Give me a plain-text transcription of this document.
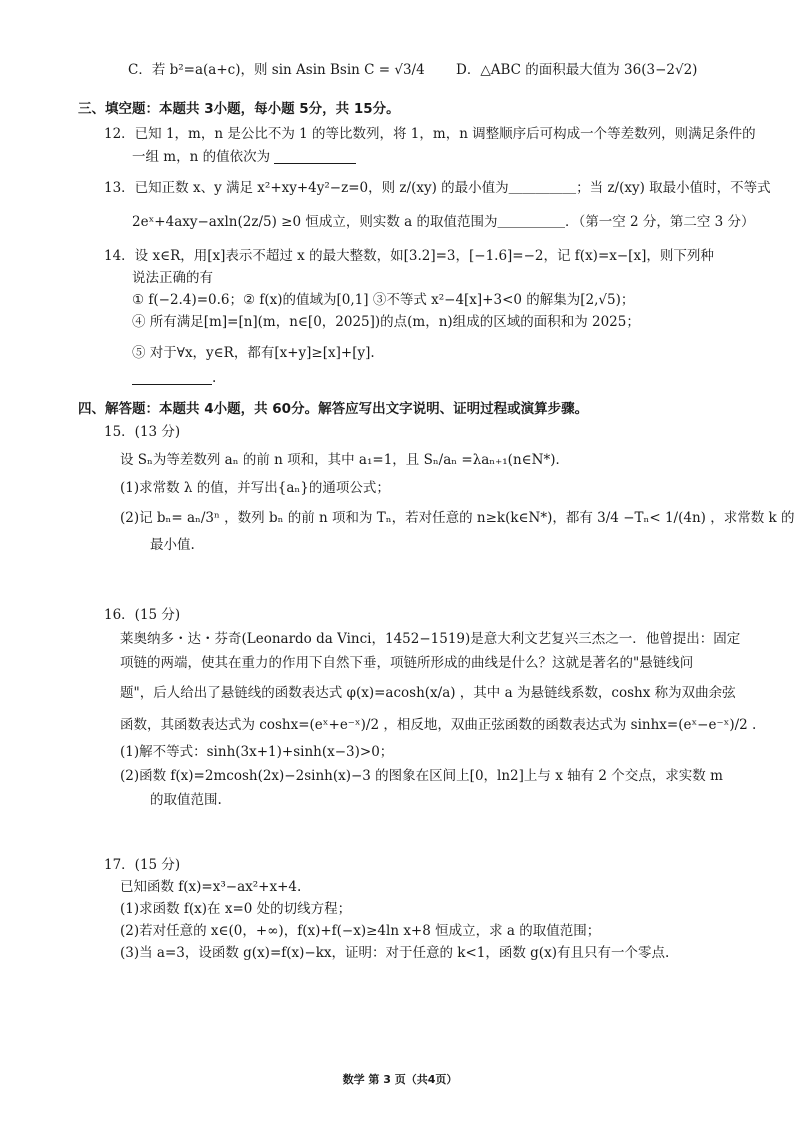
C．若 b²=a(a+c)，则 sin Asin Bsin C = √3/4 D．△ABC 的面积最大值为 36(3−2√2)
三、填空题：本题共 3小题，每小题 5分，共 15分。
12．已知 1，m，n 是公比不为 1 的等比数列，将 1，m，n 调整顺序后可构成一个等差数列，则满足条件的
一组 m，n 的值依次为
13．已知正数 x、y 满足 x²+xy+4y²−z=0，则 z/(xy) 的最小值为＿＿＿＿＿；当 z/(xy) 取最小值时，不等式
2eˣ+4axy−axln(2z/5) ≥0 恒成立，则实数 a 的取值范围为＿＿＿＿＿．（第一空 2 分，第二空 3 分）
14．设 x∈R，用[x]表示不超过 x 的最大整数，如[3.2]=3，[−1.6]=−2，记 f(x)=x−[x]，则下列种
说法正确的有
① f(−2.4)=0.6；② f(x)的值域为[0,1] ③不等式 x²−4[x]+3<0 的解集为[2,√5)；
④ 所有满足[m]=[n](m，n∈[0，2025])的点(m，n)组成的区域的面积和为 2025；
⑤ 对于∀x，y∈R，都有[x+y]≥[x]+[y].
.
四、解答题：本题共 4小题，共 60分。解答应写出文字说明、证明过程或演算步骤。
15．(13 分)
设 Sₙ为等差数列 aₙ 的前 n 项和，其中 a₁=1，且 Sₙ/aₙ =λaₙ₊₁(n∈N*)．
(1)求常数 λ 的值，并写出{aₙ}的通项公式；
(2)记 bₙ= aₙ/3ⁿ ，数列 bₙ 的前 n 项和为 Tₙ，若对任意的 n≥k(k∈N*)，都有 3/4 −Tₙ< 1/(4n) ，求常数 k 的
最小值.
16．(15 分)
莱奥纳多・达・芬奇(Leonardo da Vinci，1452−1519)是意大利文艺复兴三杰之一．他曾提出：固定
项链的两端，使其在重力的作用下自然下垂，项链所形成的曲线是什么？这就是著名的"悬链线问
题"，后人给出了悬链线的函数表达式 φ(x)=acosh(x/a) ，其中 a 为悬链线系数，coshx 称为双曲余弦
函数，其函数表达式为 coshx=(eˣ+e⁻ˣ)/2 ，相反地，双曲正弦函数的函数表达式为 sinhx=(eˣ−e⁻ˣ)/2 .
(1)解不等式：sinh(3x+1)+sinh(x−3)>0；
(2)函数 f(x)=2mcosh(2x)−2sinh(x)−3 的图象在区间上[0，ln2]上与 x 轴有 2 个交点，求实数 m
的取值范围.
17．(15 分)
已知函数 f(x)=x³−ax²+x+4.
(1)求函数 f(x)在 x=0 处的切线方程；
(2)若对任意的 x∈(0，+∞)，f(x)+f(−x)≥4ln x+8 恒成立，求 a 的取值范围；
(3)当 a=3，设函数 g(x)=f(x)−kx，证明：对于任意的 k<1，函数 g(x)有且只有一个零点.
数学 第 3 页（共4页）
